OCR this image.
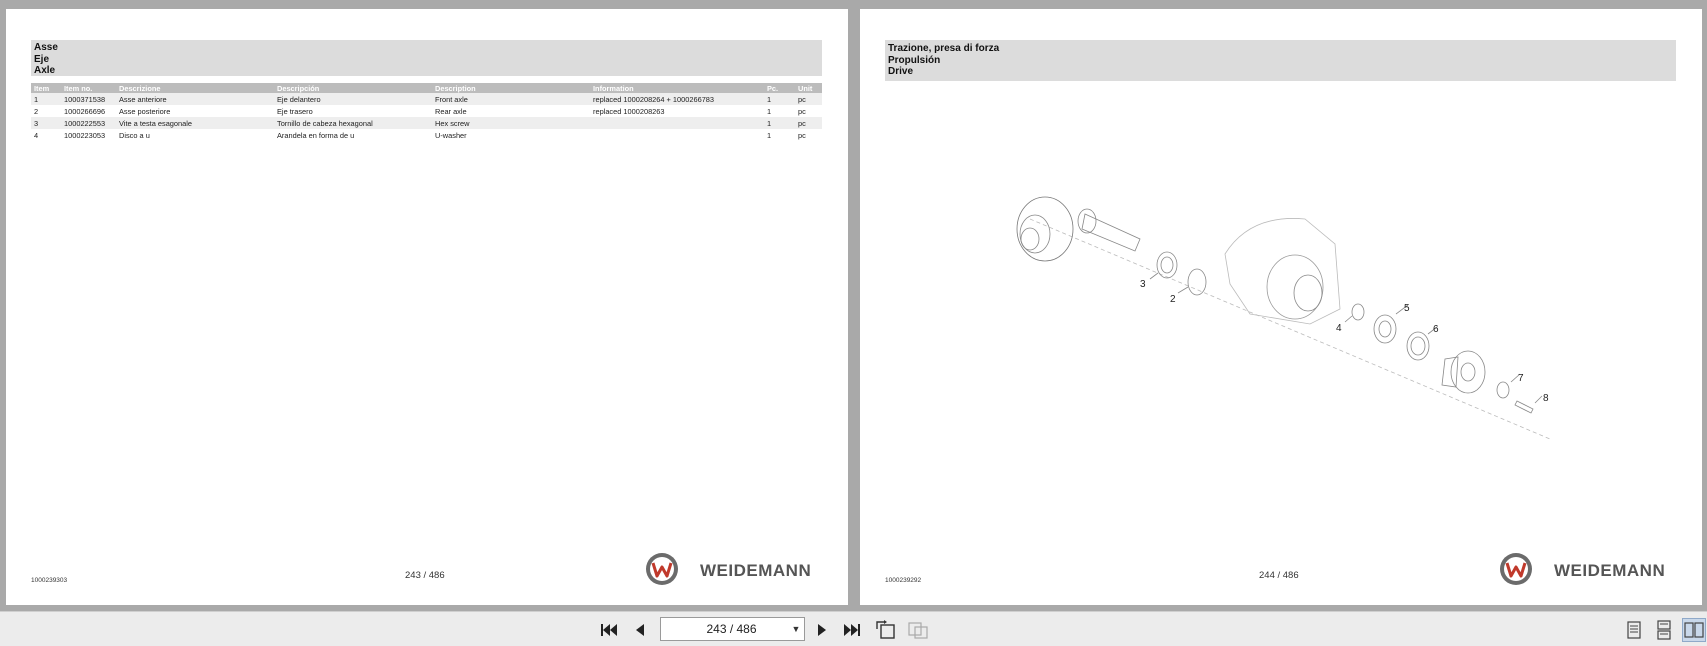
Asse
Eje
Axle
Item	Item no.	Descrizione	Descripción	Description	Information	Pc.	Unit
1	1000371538	Asse anteriore	Eje delantero	Front axle	replaced 1000208264 + 1000266783	1	pc
2	1000266696	Asse posteriore	Eje trasero	Rear axle	replaced 1000208263	1	pc
3	1000222553	Vite a testa esagonale	Tornillo de cabeza hexagonal	Hex screw		1	pc
4	1000223053	Disco a u	Arandela en forma de u	U-washer		1	pc
1000239303	243 / 486	WEIDEMANN
Trazione, presa di forza
Propulsión
Drive
3
2
4
5
6
7
8
1000239292	244 / 486	WEIDEMANN
243 / 486	▼
